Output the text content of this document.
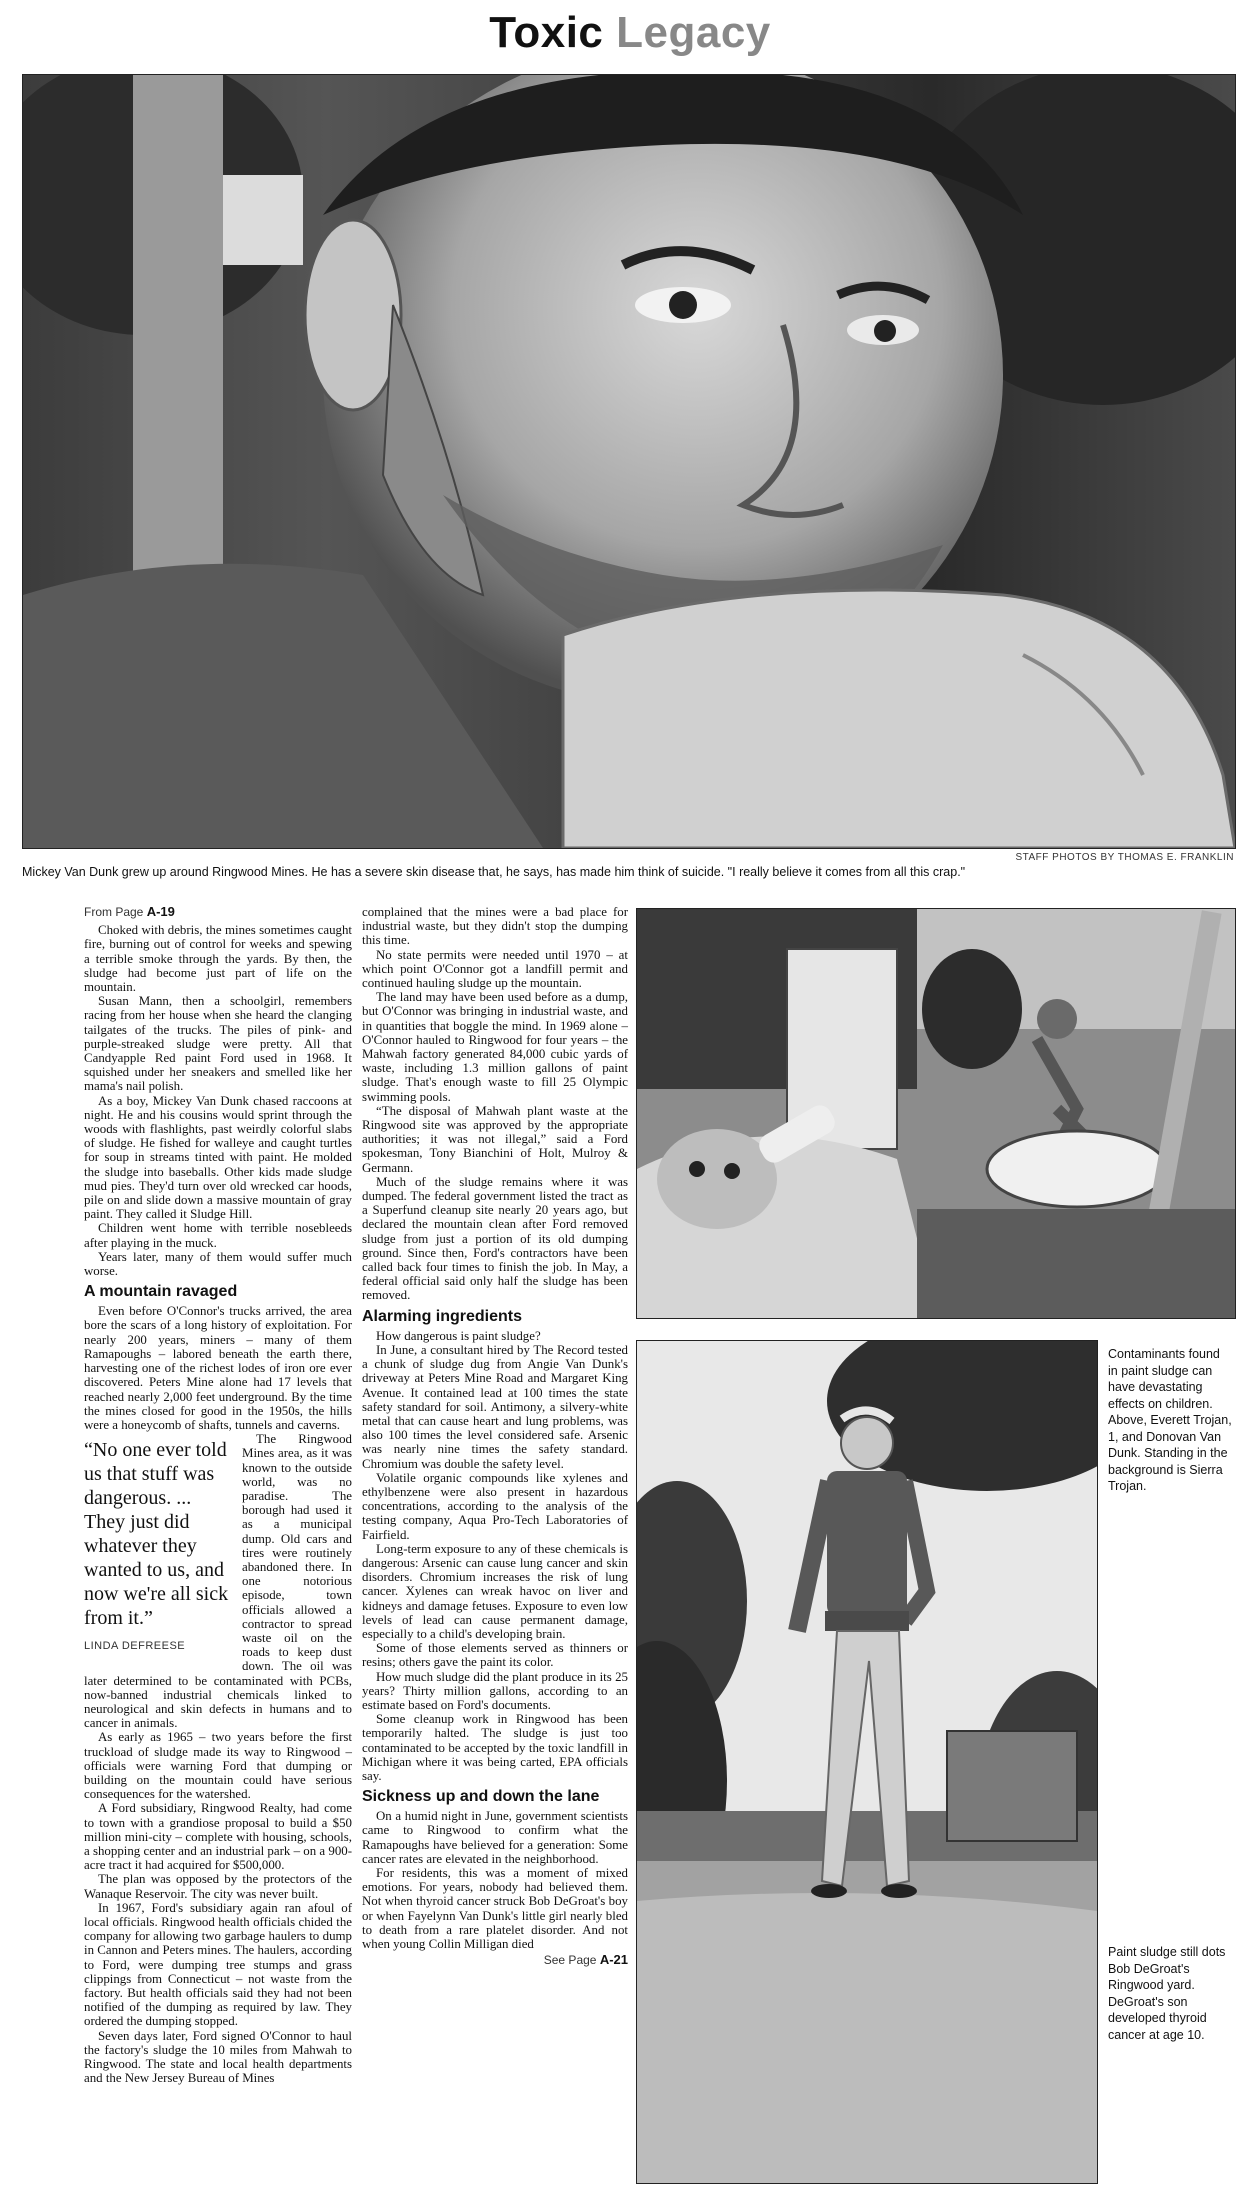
Toxic Legacy
STAFF PHOTOS BY THOMAS E. FRANKLIN
Mickey Van Dunk grew up around Ringwood Mines. He has a severe skin disease that, he says, has made him think of suicide. "I really believe it comes from all this crap."
Contaminants found in paint sludge can have devastating effects on children. Above, Everett Trojan, 1, and Donovan Van Dunk. Standing in the background is Sierra Trojan.
Paint sludge still dots Bob DeGroat's Ringwood yard. DeGroat's son developed thyroid cancer at age 10.
From Page A-19

Choked with debris, the mines sometimes caught fire, burning out of control for weeks and spewing a terrible smoke through the yards. By then, the sludge had become just part of life on the mountain.

Susan Mann, then a schoolgirl, remembers racing from her house when she heard the clanging tailgates of the trucks. The piles of pink- and purple-streaked sludge were pretty. All that Candyapple Red paint Ford used in 1968. It squished under her sneakers and smelled like her mama's nail polish.

As a boy, Mickey Van Dunk chased raccoons at night. He and his cousins would sprint through the woods with flashlights, past weirdly colorful slabs of sludge. He fished for walleye and caught turtles for soup in streams tinted with paint. He molded the sludge into baseballs. Other kids made sludge mud pies. They'd turn over old wrecked car hoods, pile on and slide down a massive mountain of gray paint. They called it Sludge Hill.

Children went home with terrible nosebleeds after playing in the muck.

Years later, many of them would suffer much worse.

A mountain ravaged

Even before O'Connor's trucks arrived, the area bore the scars of a long history of exploitation. For nearly 200 years, miners – many of them Ramapoughs – labored beneath the earth there, harvesting one of the richest lodes of iron ore ever discovered. Peters Mine alone had 17 levels that reached nearly 2,000 feet underground. By the time the mines closed for good in the 1950s, the hills were a honeycomb of shafts, tunnels and caverns.

“No one ever told us that stuff was dangerous. ... They just did whatever they wanted to us, and now we're all sick from it.”
LINDA DEFREESE

The Ringwood Mines area, as it was known to the outside world, was no paradise. The borough had used it as a municipal dump. Old cars and tires were routinely abandoned there. In one notorious episode, town officials allowed a contractor to spread waste oil on the roads to keep dust down. The oil was later determined to be contaminated with PCBs, now-banned industrial chemicals linked to neurological and skin defects in humans and to cancer in animals.

As early as 1965 – two years before the first truckload of sludge made its way to Ringwood – officials were warning Ford that dumping or building on the mountain could have serious consequences for the watershed.

A Ford subsidiary, Ringwood Realty, had come to town with a grandiose proposal to build a $50 million mini-city – complete with housing, schools, a shopping center and an industrial park – on a 900-acre tract it had acquired for $500,000.

The plan was opposed by the protectors of the Wanaque Reservoir. The city was never built.

In 1967, Ford's subsidiary again ran afoul of local officials. Ringwood health officials chided the company for allowing two garbage haulers to dump in Cannon and Peters mines. The haulers, according to Ford, were dumping tree stumps and grass clippings from Connecticut – not waste from the factory. But health officials said they had not been notified of the dumping as required by law. They ordered the dumping stopped.

Seven days later, Ford signed O'Connor to haul the factory's sludge the 10 miles from Mahwah to Ringwood. The state and local health departments and the New Jersey Bureau of Mines

complained that the mines were a bad place for industrial waste, but they didn't stop the dumping this time.

No state permits were needed until 1970 – at which point O'Connor got a landfill permit and continued hauling sludge up the mountain.

The land may have been used before as a dump, but O'Connor was bringing in industrial waste, and in quantities that boggle the mind. In 1969 alone – O'Connor hauled to Ringwood for four years – the Mahwah factory generated 84,000 cubic yards of waste, including 1.3 million gallons of paint sludge. That's enough waste to fill 25 Olympic swimming pools.

“The disposal of Mahwah plant waste at the Ringwood site was approved by the appropriate authorities; it was not illegal,” said a Ford spokesman, Tony Bianchini of Holt, Mulroy & Germann.

Much of the sludge remains where it was dumped. The federal government listed the tract as a Superfund cleanup site nearly 20 years ago, but declared the mountain clean after Ford removed sludge from just a portion of its old dumping ground. Since then, Ford's contractors have been called back four times to finish the job. In May, a federal official said only half the sludge has been removed.

Alarming ingredients

How dangerous is paint sludge?

In June, a consultant hired by The Record tested a chunk of sludge dug from Angie Van Dunk's driveway at Peters Mine Road and Margaret King Avenue. It contained lead at 100 times the state safety standard for soil. Antimony, a silvery-white metal that can cause heart and lung problems, was also 100 times the level considered safe. Arsenic was nearly nine times the safety standard. Chromium was double the safety level.

Volatile organic compounds like xylenes and ethylbenzene were also present in hazardous concentrations, according to the analysis of the testing company, Aqua Pro-Tech Laboratories of Fairfield.

Long-term exposure to any of these chemicals is dangerous: Arsenic can cause lung cancer and skin disorders. Chromium increases the risk of lung cancer. Xylenes can wreak havoc on liver and kidneys and damage fetuses. Exposure to even low levels of lead can cause permanent damage, especially to a child's developing brain.

Some of those elements served as thinners or resins; others gave the paint its color.

How much sludge did the plant produce in its 25 years? Thirty million gallons, according to an estimate based on Ford's documents.

Some cleanup work in Ringwood has been temporarily halted. The sludge is just too contaminated to be accepted by the toxic landfill in Michigan where it was being carted, EPA officials say.

Sickness up and down the lane

On a humid night in June, government scientists came to Ringwood to confirm what the Ramapoughs have believed for a generation: Some cancer rates are elevated in the neighborhood.

For residents, this was a moment of mixed emotions. For years, nobody had believed them. Not when thyroid cancer struck Bob DeGroat's boy or when Fayelynn Van Dunk's little girl nearly bled to death from a rare platelet disorder. And not when young Collin Milligan died

See Page A-21
